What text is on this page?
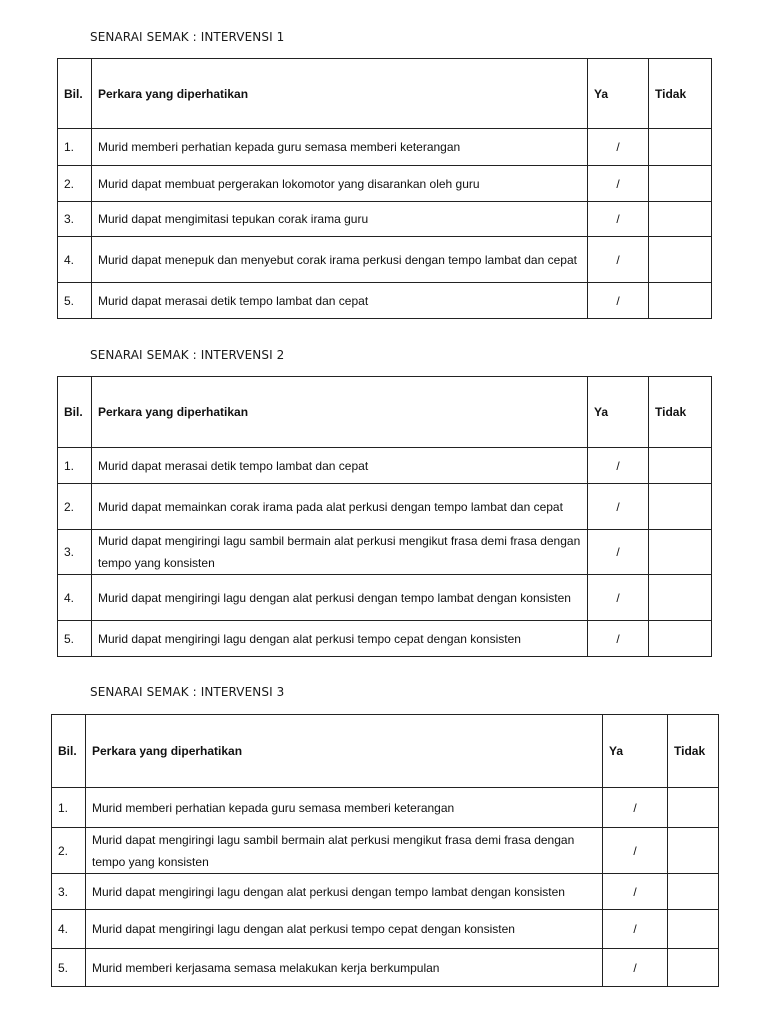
SENARAI SEMAK : INTERVENSI 1
Bil.	Perkara yang diperhatikan	Ya	Tidak
1.	Murid memberi perhatian kepada guru semasa memberi keterangan	/	
2.	Murid dapat membuat pergerakan lokomotor yang disarankan oleh guru	/	
3.	Murid dapat mengimitasi tepukan corak irama guru	/	
4.	Murid dapat menepuk dan menyebut corak irama perkusi dengan tempo lambat dan cepat	/	
5.	Murid dapat merasai detik tempo lambat dan cepat	/	
SENARAI SEMAK : INTERVENSI 2
Bil.	Perkara yang diperhatikan	Ya	Tidak
1.	Murid dapat merasai detik tempo lambat dan cepat	/	
2.	Murid dapat memainkan corak irama pada alat perkusi dengan tempo lambat dan cepat	/	
3.	Murid dapat mengiringi lagu sambil bermain alat perkusi mengikut frasa demi frasa dengan tempo yang konsisten	/	
4.	Murid dapat mengiringi lagu dengan alat perkusi dengan tempo lambat dengan konsisten	/	
5.	Murid dapat mengiringi lagu dengan alat perkusi tempo cepat dengan konsisten	/	
SENARAI SEMAK : INTERVENSI 3
Bil.	Perkara yang diperhatikan	Ya	Tidak
1.	Murid memberi perhatian kepada guru semasa memberi keterangan	/	
2.	Murid dapat mengiringi lagu sambil bermain alat perkusi mengikut frasa demi frasa dengan tempo yang konsisten	/	
3.	Murid dapat mengiringi lagu dengan alat perkusi dengan tempo lambat dengan konsisten	/	
4.	Murid dapat mengiringi lagu dengan alat perkusi tempo cepat dengan konsisten	/	
5.	Murid memberi kerjasama semasa melakukan kerja berkumpulan	/	
